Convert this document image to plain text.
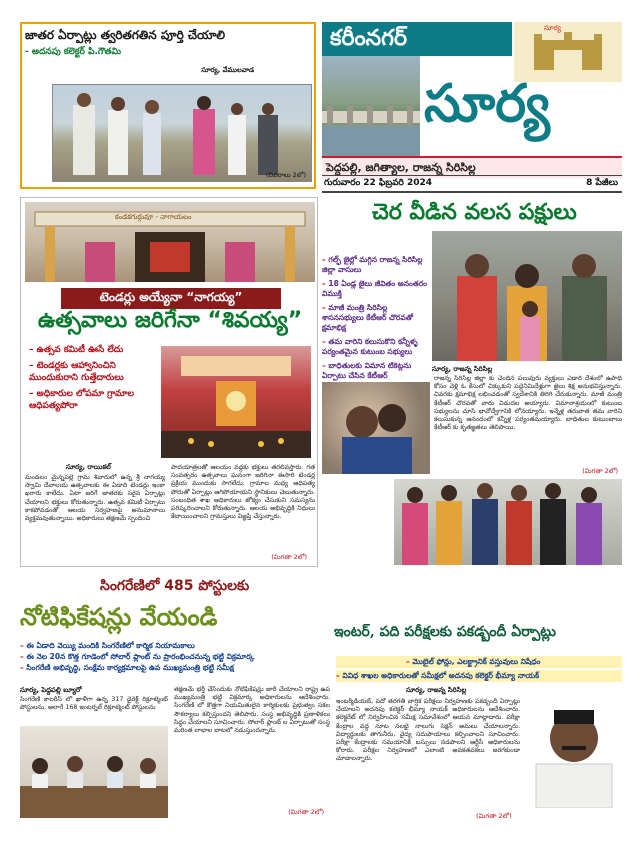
జాతర ఏర్పాట్లు త్వరితగతిన పూర్తి చేయాలి
- అదనపు కలెక్టర్ పి.గౌతమి
సూర్య, వేములవాడ
(వివరాలు 2లో)
కరీంనగర్	సూర్య
సూర్య
పెద్దపల్లి, జగిత్యాల, రాజన్న సిరిసిల్ల
గురువారం 22 ఫిబ్రవరి 2024	8 పేజీలు
కండకగుర్గువూ - నాగాయలం
టెండర్లు అయ్యేనా “నాగయ్య”
ఉత్సవాలు జరిగేనా “శివయ్య”
– ఉత్సవ కమిటీ ఊసే లేదు
– టెండర్లకు ఆహ్వానించిని ముందుకురాని గుత్తేదారులు
– అధికారుల లోపమా గ్రామాల ఆధిపత్యపోరా
సూర్య, రాయికల్
మండలం మైన్నపల్లె గ్రామ శివారులో ఉన్న శ్రీ నాగయ్య స్వామి దేవాలయ ఉత్సవాలకు ఈ ఏడాది టెండర్లు ఇంకా ఖరారు కాలేదు. ఏటా జరిగే జాతరకు సరైన ఏర్పాట్లు చేయాలని భక్తులు కోరుతున్నారు. ఉత్సవ కమిటీ ఏర్పాటు కాకపోవడంతో ఆలయ నిర్వహణపై అనుమానాలు వ్యక్తమవుతున్నాయి. అధికారులు తక్షణమే స్పందించి
పాదయాత్రలతో ఆలయం వద్దకు భక్తులు తరలివస్తారు. గత సంవత్సరం ఉత్సవాలు ఘనంగా జరిగినా ఈసారి టెండర్ల ప్రక్రియ ముందుకు సాగలేదు. గ్రామాల మధ్య ఆధిపత్య పోరుతో ఏర్పాట్లు ఆగిపోయాయని స్థానికులు చెబుతున్నారు. సంబంధిత శాఖ అధికారులు జోక్యం చేసుకుని సమస్యను పరిష్కరించాలని కోరుతున్నారు. ఆలయ అభివృద్ధికి నిధులు కేటాయించాలని గ్రామస్తులు విజ్ఞప్తి చేస్తున్నారు.
(మిగతా 2లో)
చెర వీడిన వలస పక్షులు
– గల్ఫ్ జైల్లో మగ్గిన రాజన్న సిరిసిల్ల జిల్లా వాసులు
– 18 ఏండ్ల జైలు జీవితం అనంతరం విముక్తి
– మాజీ మంత్రి సిరిసిల్ల శాసనసభ్యులు కేటీఆర్ చొరవతో క్షమాభిక్ష
– తమ వారిని కలుసుకొని కన్నీళ్ళ పర్యంతమైన కుటుంబ సభ్యులు
– బాధితులకు విమాన టికెట్లను ఏర్పాటు చేసిన కేటీఆర్
సూర్య, రాజన్న సిరిసిల్ల
రాజన్న సిరిసిల్ల జిల్లా కు చెందిన పలువురు వ్యక్తులు ఎడారి దేశంలో ఉపాధి కోసం వెళ్లి ఓ కేసులో చిక్కుకుని పద్దెనిమిదేళ్లుగా జైలు శిక్ష అనుభవిస్తున్నారు. చివరకు క్షమాభిక్ష లభించడంతో స్వదేశానికి తిరిగి చేరుకున్నారు. మాజీ మంత్రి కేటీఆర్ చొరవతో వారు విడుదల అయ్యారు. విమానాశ్రయంలో కుటుంబ సభ్యులను చూసి భావోద్వేగానికి లోనయ్యారు. ఇన్నేళ్ల తరువాత తమ వారిని కలుసుకున్న ఆనందంలో కన్నీళ్ల పర్యంతమయ్యారు. బాధితుల కుటుంబాలు కేటీఆర్ కు కృతజ్ఞతలు తెలిపాయి.
(మిగతా 2లో)
సింగరేణిలో 485 పోస్టులకు
నోటిఫికేషన్లు వేయండి
– ఈ ఏడాది వెయ్యి మందికి సింగరేణిలో కార్మిక నియామకాలు
– ఈ నెల 20న కొత్త గూడెంలో సోలార్ ప్లాంట్ ను ప్రారంభించనున్న భట్టి విక్రమార్క
– సింగరేణి అభివృద్ధి, సంక్షేమ కార్యక్రమాలపై ఉప ముఖ్యమంత్రి భట్టి సమీక్ష
సూర్య, పెద్దపల్లి బ్యూరో
సింగరేణి కాలరీస్ లో ఖాళీగా ఉన్న 317 డైరెక్ట్ రిక్రూట్మెంట్ పోస్టులను, అలాగే 168 ఇంటర్నల్ రిక్రూట్మెంట్ పోస్టులను
తక్షణమే భర్తీ చేసేందుకు నోటిఫికేషన్లు జారీ చేయాలని రాష్ట్ర ఉప ముఖ్యమంత్రి భట్టి విక్రమార్క అధికారులను ఆదేశించారు. సింగరేణి లో కొత్తగా నియమితులైన కార్మికులకు ప్రభుత్వం సకల సౌకర్యాలు కల్పిస్తుందని తెలిపారు. సంస్థ అభివృద్ధికి ప్రణాళికలు సిద్ధం చేయాలని సూచించారు. సోలార్ ప్లాంట్ ల ఏర్పాటుతో సంస్థ మరింత లాభాల బాటలో నడుస్తుందన్నారు.
(మిగతా 2లో)
ఇంటర్, పది పరీక్షలకు పకడ్బందీ ఏర్పాట్లు
– మొబైల్ ఫోన్లు, ఎలక్ట్రానిక్ వస్తువులు నిషేధం
– వివిధ శాఖల అధికారులతో సమీక్షలో అదనపు కలెక్టర్ భీమ్యా నాయక్
సూర్య, రాజన్న సిరిసిల్ల
ఇంటర్మీడియట్, పదో తరగతి వార్షిక పరీక్షలు నిర్వహణకు పకడ్బందీ ఏర్పాట్లు చేయాలని అదనపు కలెక్టర్ భీమ్యా నాయక్ అధికారులను ఆదేశించారు. కలెక్టరేట్ లో నిర్వహించిన సమీక్ష సమావేశంలో ఆయన మాట్లాడారు. పరీక్షా కేంద్రాల వద్ద నూట నలభై నాలుగు సెక్షన్ అమలు చేయాలన్నారు. విద్యార్థులకు తాగునీరు, వైద్య సదుపాయాలు కల్పించాలని సూచించారు. పరీక్షా కేంద్రాలకు సమయానికి బస్సులు నడపాలని ఆర్టీసీ అధికారులను కోరారు. పరీక్షల నిర్వహణలో ఎలాంటి అవకతవకలు జరగకుండా చూడాలన్నారు.
(మిగతా 2లో)
